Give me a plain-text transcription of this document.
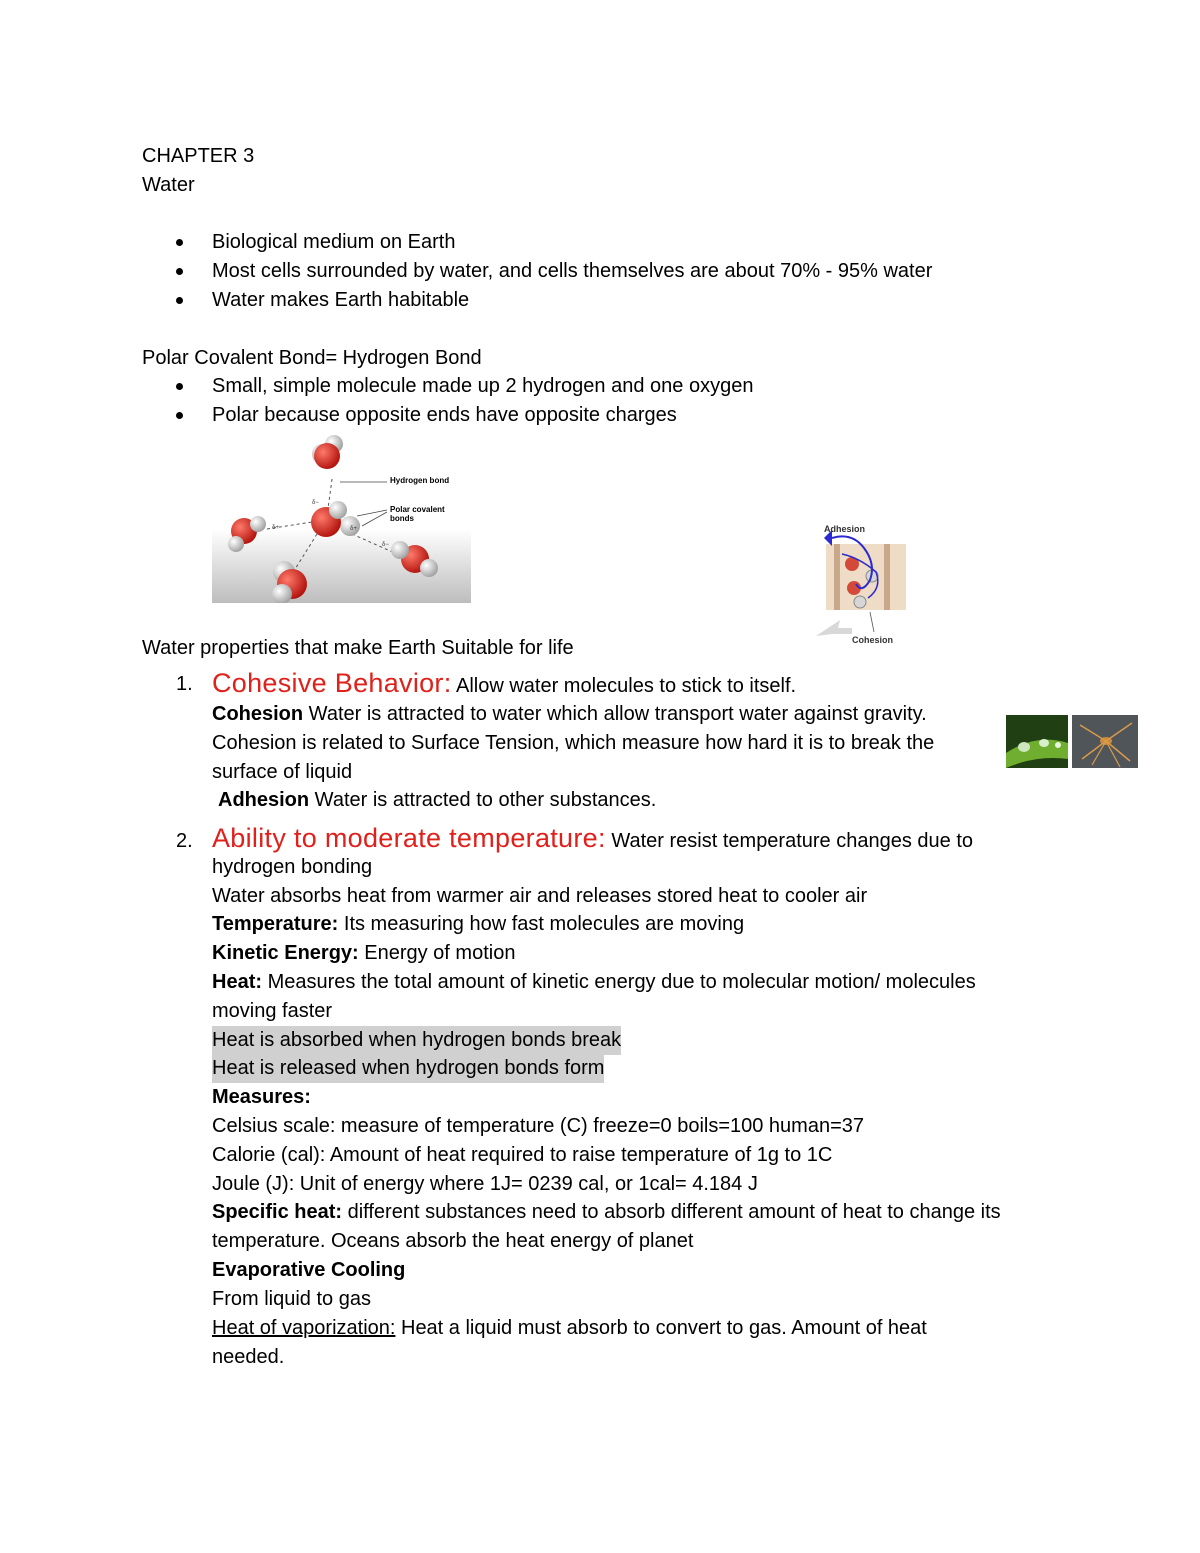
CHAPTER 3
Water
Biological medium on Earth
Most cells surrounded by water, and cells themselves are about 70% - 95% water
Water makes Earth habitable
Polar Covalent Bond= Hydrogen Bond
Small, simple molecule made up 2 hydrogen and one oxygen
Polar because opposite ends have opposite charges
δ+
δ−
δ+
δ−
Hydrogen bond
Polar covalent bonds
Adhesion
Cohesion
Water properties that make Earth Suitable for life
1. Cohesive Behavior: Allow water molecules to stick to itself.
Cohesion Water is attracted to water which allow transport water against gravity.
Cohesion is related to Surface Tension, which measure how hard it is to break the
surface of liquid
Adhesion Water is attracted to other substances.
2. Ability to moderate temperature: Water resist temperature changes due to
hydrogen bonding
Water absorbs heat from warmer air and releases stored heat to cooler air
Temperature: Its measuring how fast molecules are moving
Kinetic Energy: Energy of motion
Heat: Measures the total amount of kinetic energy due to molecular motion/ molecules
moving faster
Heat is absorbed when hydrogen bonds break
Heat is released when hydrogen bonds form
Measures:
Celsius scale: measure of temperature (C) freeze=0 boils=100 human=37
Calorie (cal): Amount of heat required to raise temperature of 1g to 1C
Joule (J): Unit of energy where 1J= 0239 cal, or 1cal= 4.184 J
Specific heat: different substances need to absorb different amount of heat to change its
temperature. Oceans absorb the heat energy of planet
Evaporative Cooling
From liquid to gas
Heat of vaporization: Heat a liquid must absorb to convert to gas. Amount of heat
needed.
